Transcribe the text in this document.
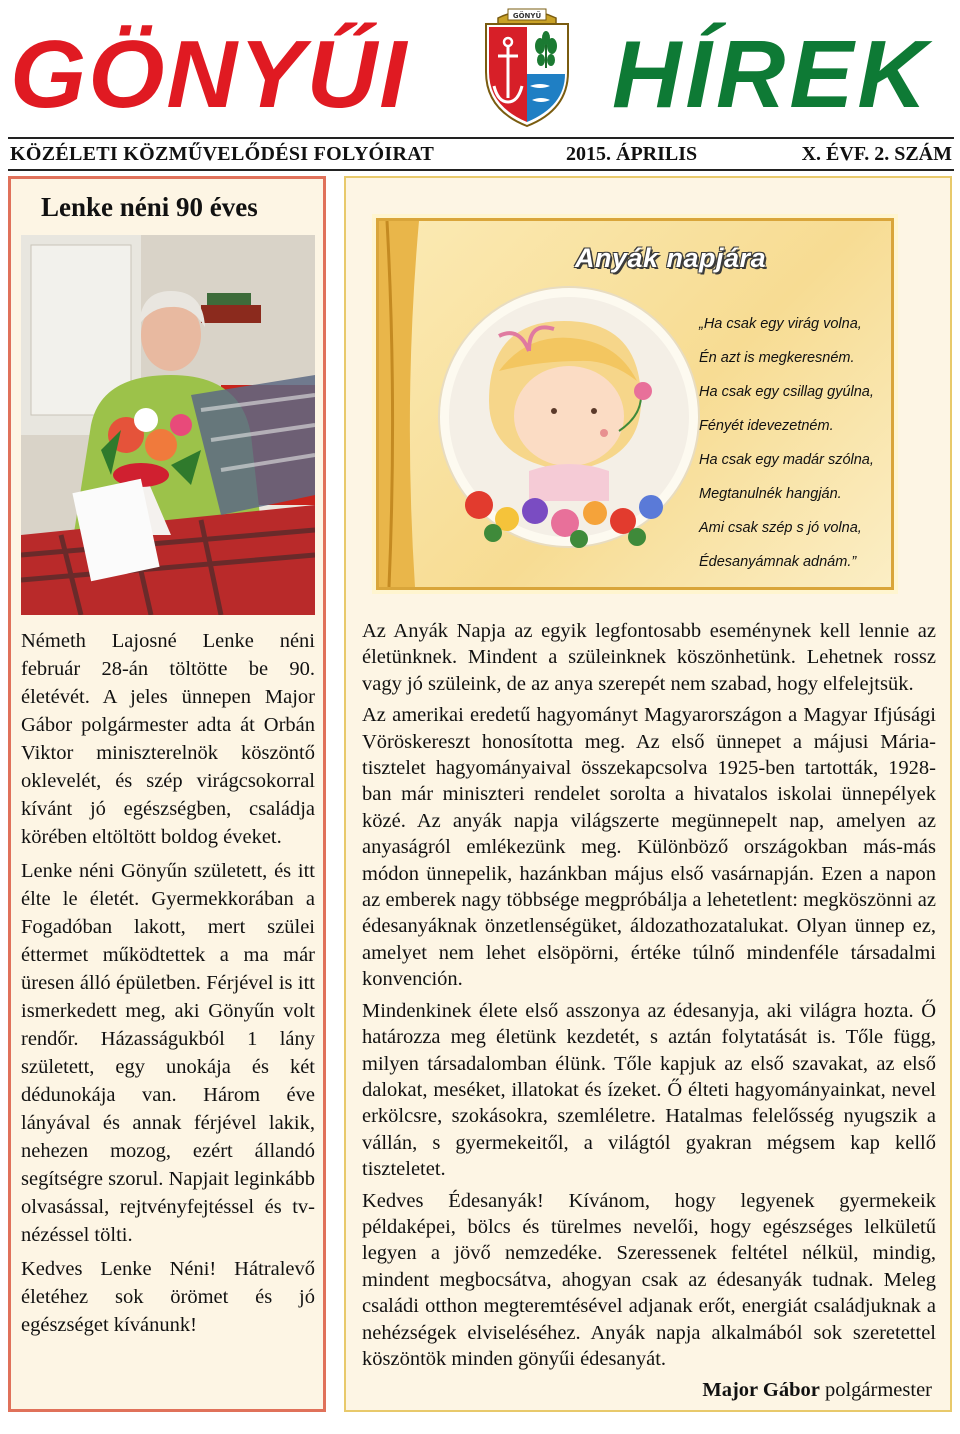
GÖNYŰI
GÖNYŰ
HÍREK
KÖZÉLETI KÖZMŰVELŐDÉSI FOLYÓIRAT	2015. ÁPRILIS	X. ÉVF. 2. SZÁM
Lenke néni 90 éves

Németh Lajosné Lenke néni február 28-án töltötte be 90. életévét. A jeles ünnepen Major Gábor polgármester adta át Orbán Viktor miniszterelnök köszöntő oklevelét, és szép virágcsokorral kívánt jó egészségben, családja körében eltöltött boldog éveket.

Lenke néni Gönyűn született, és itt élte le életét. Gyermekkorában a Fogadóban lakott, mert szülei éttermet működtettek a ma már üresen álló épületben. Férjével is itt ismerkedett meg, aki Gönyűn volt rendőr. Házasságukból 1 lány született, egy unokája és két dédunokája van. Három éve lányával és annak férjével lakik, nehezen mozog, ezért állandó segítségre szorul. Napjait leginkább olvasással, rejtvényfejtéssel és tv-nézéssel tölti.

Kedves Lenke Néni! Hátralevő életéhez sok örömet és jó egészséget kívánunk!

Anyák napjára
„Ha csak egy virág volna,
Én azt is megkeresném.
Ha csak egy csillag gyúlna,
Fényét idevezetném.
Ha csak egy madár szólna,
Megtanulnék hangján.
Ami csak szép s jó volna,
Édesanyámnak adnám.”

Az Anyák Napja az egyik legfontosabb eseménynek kell lennie az életünknek. Mindent a szüleinknek köszönhetünk. Lehetnek rossz vagy jó szüleink, de az anya szerepét nem szabad, hogy elfelejtsük.

Az amerikai eredetű hagyományt Magyarországon a Magyar Ifjúsági Vöröskereszt honosította meg. Az első ünnepet a májusi Mária-tisztelet hagyományaival összekapcsolva 1925-ben tartották, 1928-ban már miniszteri rendelet sorolta a hivatalos iskolai ünnepélyek közé. Az anyák napja világszerte megünnepelt nap, amelyen az anyaságról emlékezünk meg. Különböző országokban más-más módon ünnepelik, hazánkban május első vasárnapján. Ezen a napon az emberek nagy többsége megpróbálja a lehetetlent: megköszönni az édesanyáknak önzetlenségüket, áldozathozatalukat. Olyan ünnep ez, amelyet nem lehet elsöpörni, értéke túlnő mindenféle társadalmi konvención.

Mindenkinek élete első asszonya az édesanyja, aki világra hozta. Ő határozza meg életünk kezdetét, s aztán folytatását is. Tőle függ, milyen társadalomban élünk. Tőle kapjuk az első szavakat, az első dalokat, meséket, illatokat és ízeket. Ő élteti hagyományainkat, nevel erkölcsre, szokásokra, szemléletre. Hatalmas felelősség nyugszik a vállán, s gyermekeitől, a világtól gyakran mégsem kap kellő tiszteletet.

Kedves Édesanyák! Kívánom, hogy legyenek gyermekeik példaképei, bölcs és türelmes nevelői, hogy egészséges lelkületű legyen a jövő nemzedéke. Szeressenek feltétel nélkül, mindig, mindent megbocsátva, ahogyan csak az édesanyák tudnak. Meleg családi otthon megteremtésével adjanak erőt, energiát családjuknak a nehézségek elviseléséhez. Anyák napja alkalmából sok szeretettel köszöntök minden gönyűi édesanyát.

Major Gábor polgármester
